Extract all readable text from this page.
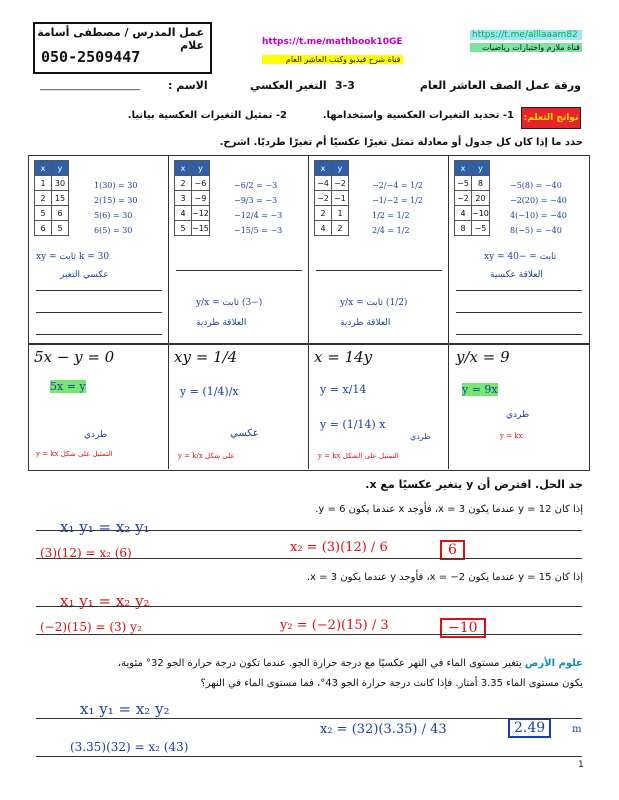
عمل المدرس / مصطفى أسامة علام
050-2509447
https://t.me/mathbook10GE
قناة شرح فيديو وكتب العاشر العام
https://t.me/alllaaam82
قناة ملازم واختبارات رياضيات
ورقة عمل الصف العاشر العام
3-3
التغير العكسي
الاسم :
____________________
نواتج التعلم:
1- تحديد التغيرات العكسية واستخدامها.
2- تمثيل التغيرات العكسية بيانيا.
حدد ما إذا كان كل جدول أو معادلة تمثل تغيرًا عكسيًا أم تغيرًا طرديًا. اشرح.
x	y
1	30
2	15
5	6
6	5
1(30) = 30
2(15) = 30
5(6) = 30
6(5) = 30
30 = k ثابت = xy
عكسي التغير
x	y
2	−6
3	−9
4	−12
5	−15
−6/2 = −3
−9/3 = −3
−12/4 = −3
−15/5 = −3
(−3) ثابت = y/x
العلاقة طردية
x	y
−4	−2
−2	−1
2	1
4	2
−2/−4 = 1/2
−1/−2 = 1/2
1/2 = 1/2
2/4 = 1/2
(1/2) ثابت = y/x
العلاقة طردية
x	y
−5	8
−2	20
4	−10
8	−5
−5(8) = −40
−2(20) = −40
4(−10) = −40
8(−5) = −40
ثابت = −40 = xy
العلاقة عكسية
5x − y = 0
5x = y
طردي
التمثيل على شكل y = kx
xy = 1/4
y = (1/4)/x
عكسي
على شكل y = k/x
x = 14y
y = x/14
y = (1/14) x
طردي
التمثيل على الشكل y = kx
y/x = 9
y = 9x
طردي
y = kx
جد الحل. افترض أن y يتغير عكسيًا مع x.
إذا كان y = 12 عندما يكون x = 3، فأوجد x عندما يكون y = 6.
x₁ y₁ = x₂ y₁
(3)(12) = x₂ (6)	x₂ = (3)(12) / 6	6
إذا كان y = 15 عندما يكون x = −2، فأوجد y عندما يكون x = 3.
x₁ y₁ = x₂ y₂
(−2)(15) = (3) y₂	y₂ = (−2)(15) / 3	−10
علوم الأرض يتغير مستوى الماء في النهر عكسيًا مع درجة حرارة الجو. عندما تكون درجة حرارة الجو 32° مئوية،
يكون مستوى الماء 3.35 أمتار. فإذا كانت درجة حرارة الجو 43°، فما مستوى الماء في النهر؟
x₁ y₁ = x₂ y₂
(3.35)(32) = x₂ (43)
x₂ = (32)(3.35) / 43	2.49	m
1
